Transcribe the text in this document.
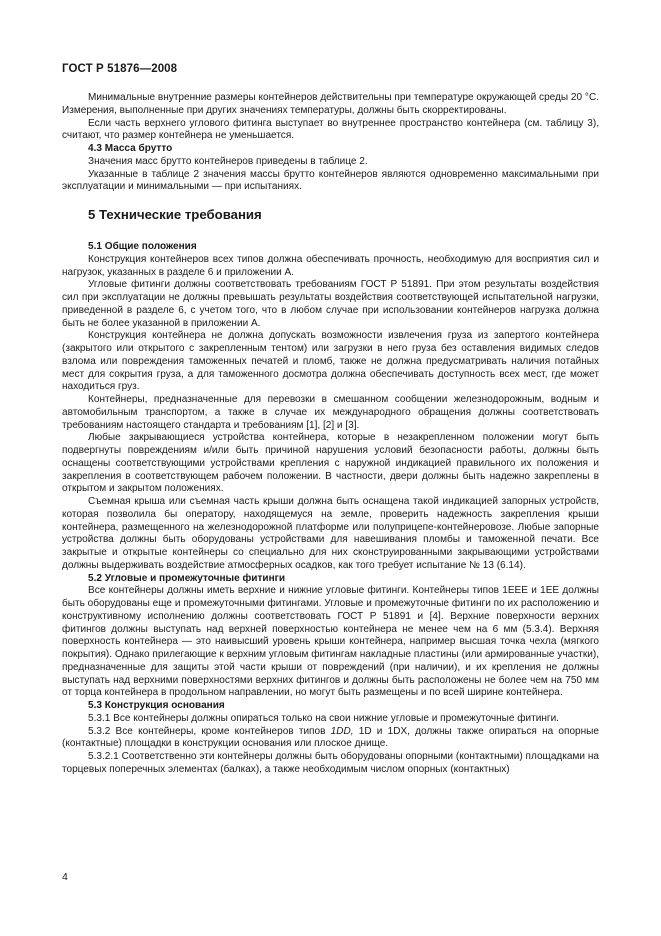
ГОСТ Р 51876—2008

Минимальные внутренние размеры контейнеров действительны при температуре окружающей среды 20 °С. Измерения, выполненные при других значениях температуры, должны быть скорректированы.

Если часть верхнего углового фитинга выступает во внутреннее пространство контейнера (см. таблицу 3), считают, что размер контейнера не уменьшается.

4.3 Масса брутто

Значения масс брутто контейнеров приведены в таблице 2.

Указанные в таблице 2 значения массы брутто контейнеров являются одновременно максимальными при эксплуатации и минимальными — при испытаниях.

5 Технические требования
5.1 Общие положения

Конструкция контейнеров всех типов должна обеспечивать прочность, необходимую для восприятия сил и нагрузок, указанных в разделе 6 и приложении А.

Угловые фитинги должны соответствовать требованиям ГОСТ Р 51891. При этом результаты воздействия сил при эксплуатации не должны превышать результаты воздействия соответствующей испытательной нагрузки, приведенной в разделе 6, с учетом того, что в любом случае при использовании контейнеров нагрузка должна быть не более указанной в приложении А.

Конструкция контейнера не должна допускать возможности извлечения груза из запертого контейнера (закрытого или открытого с закрепленным тентом) или загрузки в него груза без оставления видимых следов взлома или повреждения таможенных печатей и пломб, также не должна предусматривать наличия потайных мест для сокрытия груза, а для таможенного досмотра должна обеспечивать доступность всех мест, где может находиться груз.

Контейнеры, предназначенные для перевозки в смешанном сообщении железнодорожным, водным и автомобильным транспортом, а также в случае их международного обращения должны соответствовать требованиям настоящего стандарта и требованиям [1], [2] и [3].

Любые закрывающиеся устройства контейнера, которые в незакрепленном положении могут быть подвергнуты повреждениям и/или быть причиной нарушения условий безопасности работы, должны быть оснащены соответствующими устройствами крепления с наружной индикацией правильного их положения и закрепления в соответствующем рабочем положении. В частности, двери должны быть надежно закреплены в открытом и закрытом положениях.

Съемная крыша или съемная часть крыши должна быть оснащена такой индикацией запорных устройств, которая позволила бы оператору, находящемуся на земле, проверить надежность закрепления крыши контейнера, размещенного на железнодорожной платформе или полуприцепе-контейнеровозе. Любые запорные устройства должны быть оборудованы устройствами для навешивания пломбы и таможенной печати. Все закрытые и открытые контейнеры со специально для них сконструированными закрывающими устройствами должны выдерживать воздействие атмосферных осадков, как того требует испытание № 13 (6.14).

5.2 Угловые и промежуточные фитинги

Все контейнеры должны иметь верхние и нижние угловые фитинги. Контейнеры типов 1ЕЕЕ и 1ЕЕ должны быть оборудованы еще и промежуточными фитингами. Угловые и промежуточные фитинги по их расположению и конструктивному исполнению должны соответствовать ГОСТ Р 51891 и [4]. Верхние поверхности верхних фитингов должны выступать над верхней поверхностью контейнера не менее чем на 6 мм (5.3.4). Верхняя поверхность контейнера — это наивысший уровень крыши контейнера, например высшая точка чехла (мягкого покрытия). Однако прилегающие к верхним угловым фитингам накладные пластины (или армированные участки), предназначенные для защиты этой части крыши от повреждений (при наличии), и их крепления не должны выступать над верхними поверхностями верхних фитингов и должны быть расположены не более чем на 750 мм от торца контейнера в продольном направлении, но могут быть размещены и по всей ширине контейнера.

5.3 Конструкция основания

5.3.1 Все контейнеры должны опираться только на свои нижние угловые и промежуточные фитинги.

5.3.2 Все контейнеры, кроме контейнеров типов 1DD, 1D и 1DX, должны также опираться на опорные (контактные) площадки в конструкции основания или плоское днище.

5.3.2.1 Соответственно эти контейнеры должны быть оборудованы опорными (контактными) площадками на торцевых поперечных элементах (балках), а также необходимым числом опорных (контактных)

4
